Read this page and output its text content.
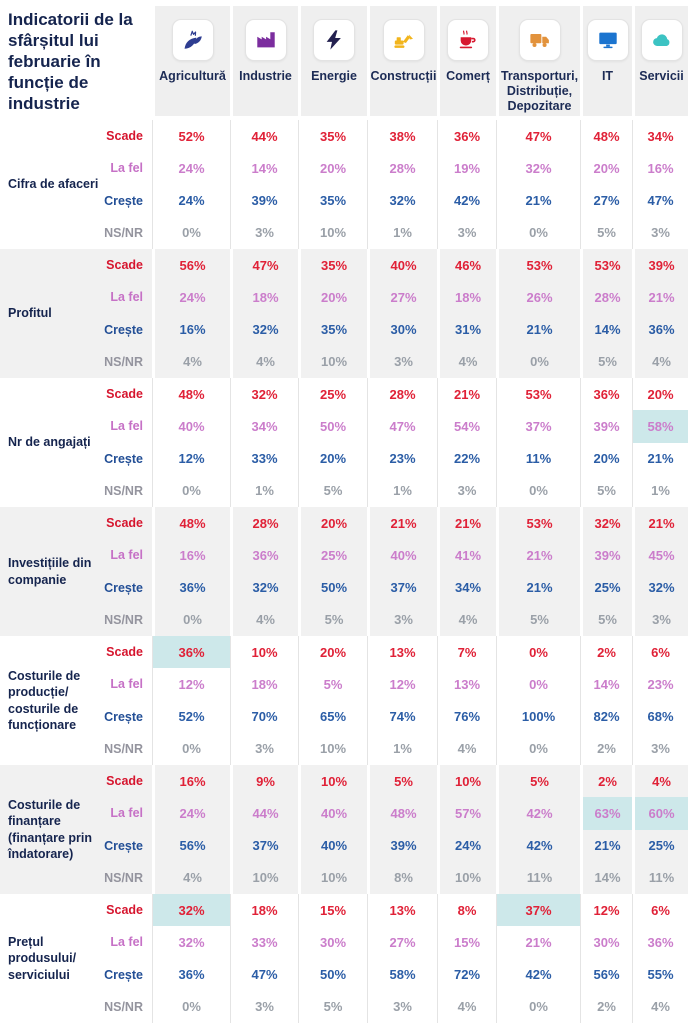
Indicatorii de la sfârșitul lui februarie în funcție de industrie
Agricultură Industrie Energie Construcții Comerț Transporturi, Distribuție, Depozitare
IT Servicii
Cifra de afaceri
Scade	52%	44%	35%	38%	36%	47%	48%	34%
La fel	24%	14%	20%	28%	19%	32%	20%	16%
Crește	24%	39%	35%	32%	42%	21%	27%	47%
NS/NR	0%	3%	10%	1%	3%	0%	5%	3%
Profitul
Scade	56%	47%	35%	40%	46%	53%	53%	39%
La fel	24%	18%	20%	27%	18%	26%	28%	21%
Crește	16%	32%	35%	30%	31%	21%	14%	36%
NS/NR	4%	4%	10%	3%	4%	0%	5%	4%
Nr de angajați
Scade	48%	32%	25%	28%	21%	53%	36%	20%
La fel	40%	34%	50%	47%	54%	37%	39%	58%
Crește	12%	33%	20%	23%	22%	11%	20%	21%
NS/NR	0%	1%	5%	1%	3%	0%	5%	1%
Investițiile din companie
Scade	48%	28%	20%	21%	21%	53%	32%	21%
La fel	16%	36%	25%	40%	41%	21%	39%	45%
Crește	36%	32%	50%	37%	34%	21%	25%	32%
NS/NR	0%	4%	5%	3%	4%	5%	5%	3%
Costurile de producție/ costurile de funcționare
Scade	36%	10%	20%	13%	7%	0%	2%	6%
La fel	12%	18%	5%	12%	13%	0%	14%	23%
Crește	52%	70%	65%	74%	76%	100%	82%	68%
NS/NR	0%	3%	10%	1%	4%	0%	2%	3%
Costurile de finanțare (finanțare prin îndatorare)
Scade	16%	9%	10%	5%	10%	5%	2%	4%
La fel	24%	44%	40%	48%	57%	42%	63%	60%
Crește	56%	37%	40%	39%	24%	42%	21%	25%
NS/NR	4%	10%	10%	8%	10%	11%	14%	11%
Prețul produsului/ serviciului
Scade	32%	18%	15%	13%	8%	37%	12%	6%
La fel	32%	33%	30%	27%	15%	21%	30%	36%
Crește	36%	47%	50%	58%	72%	42%	56%	55%
NS/NR	0%	3%	5%	3%	4%	0%	2%	4%
